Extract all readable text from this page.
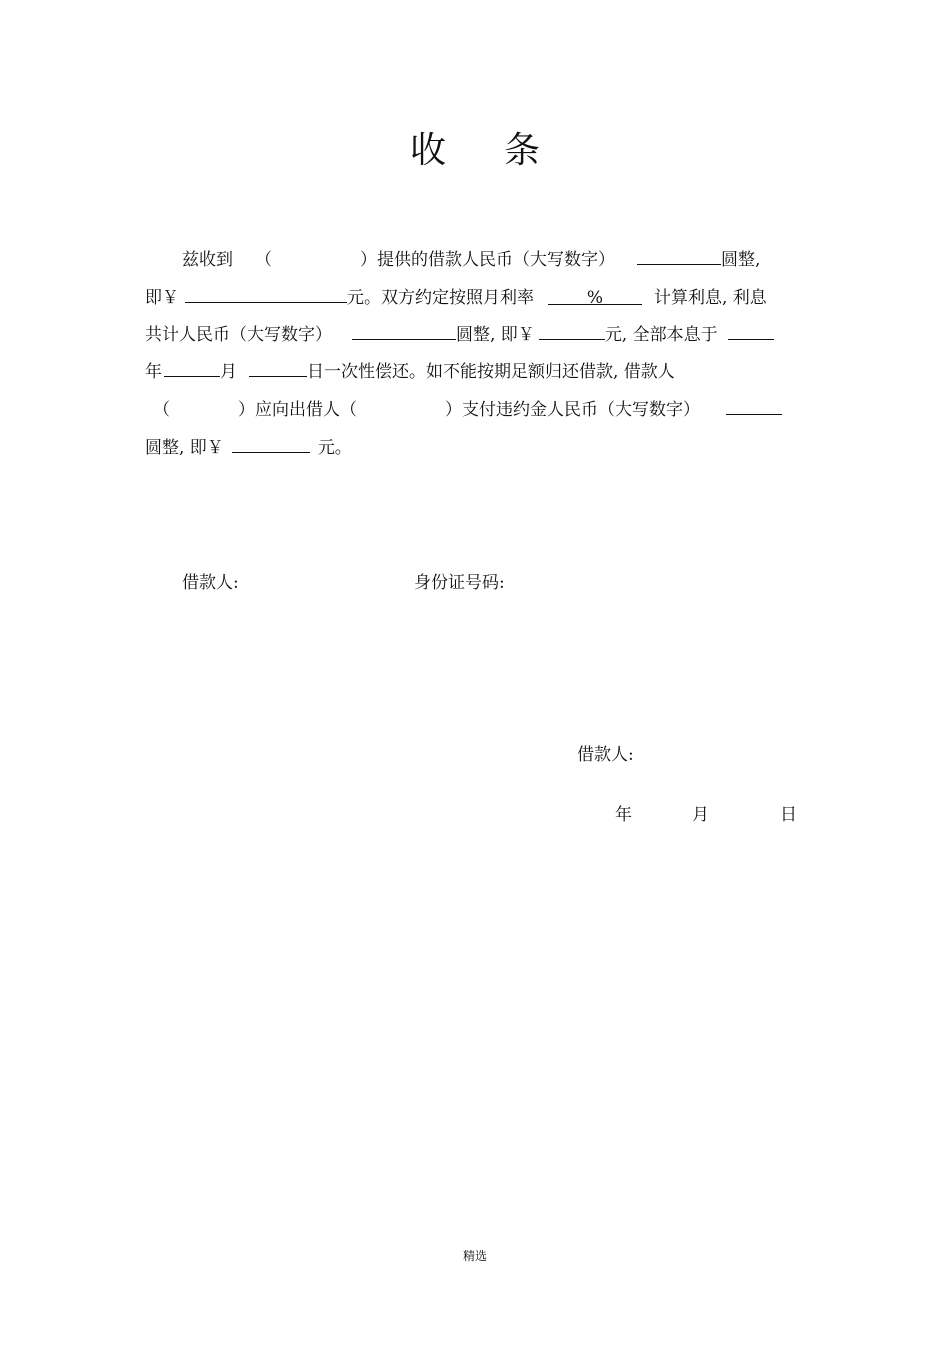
收 条
兹收到 （	）提供的借款人民币（大写数字）	圆整,
即￥	元。双方约定按照月利率	%	计算利息, 利息
共计人民币（大写数字）	圆整, 即￥	元, 全部本息于
年	月	日一次性偿还。如不能按期足额归还借款, 借款人
（	）应向出借人（	）支付违约金人民币（大写数字）
圆整, 即￥	元。
借款人:	身份证号码:
借款人:
年	月	日
精选
